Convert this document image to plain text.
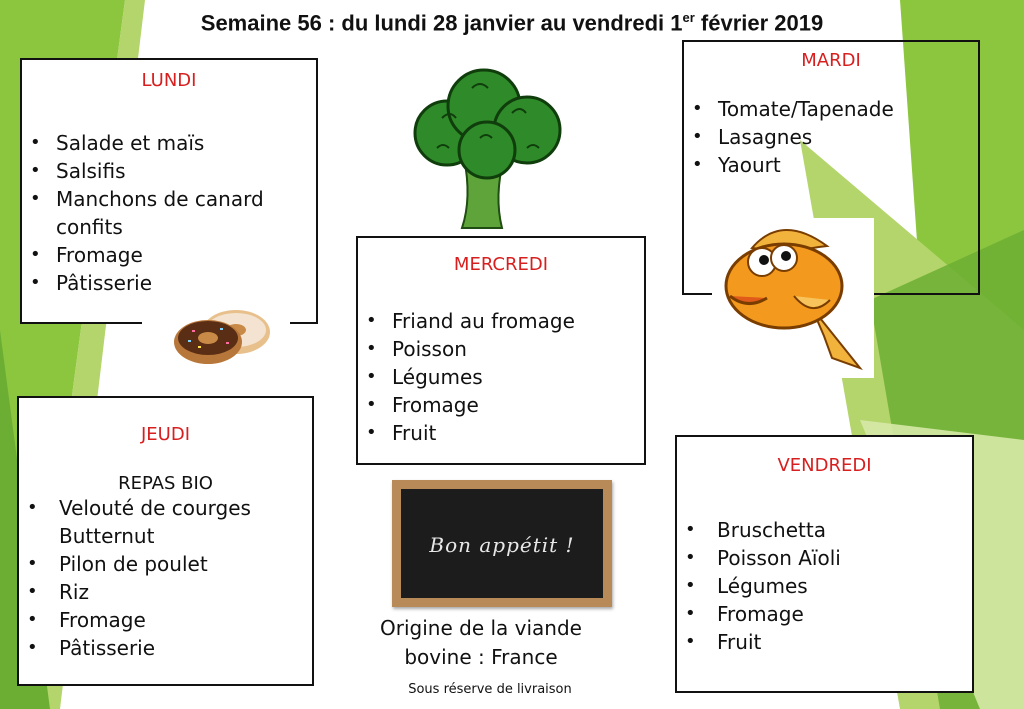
Semaine 56 : du lundi 28 janvier au vendredi 1er février 2019
LUNDI
• Salade et maïs
• Salsifis
• Manchons de canard confits
• Fromage
• Pâtisserie
MARDI
• Tomate/Tapenade
• Lasagnes
• Yaourt
MERCREDI
• Friand au fromage
• Poisson
• Légumes
• Fromage
• Fruit
JEUDI
REPAS BIO
• Velouté de courges Butternut
• Pilon de poulet
• Riz
• Fromage
• Pâtisserie
Bon appétit !
Origine de la viande bovine : France
Sous réserve de livraison
VENDREDI
• Bruschetta
• Poisson Aïoli
• Légumes
• Fromage
• Fruit
